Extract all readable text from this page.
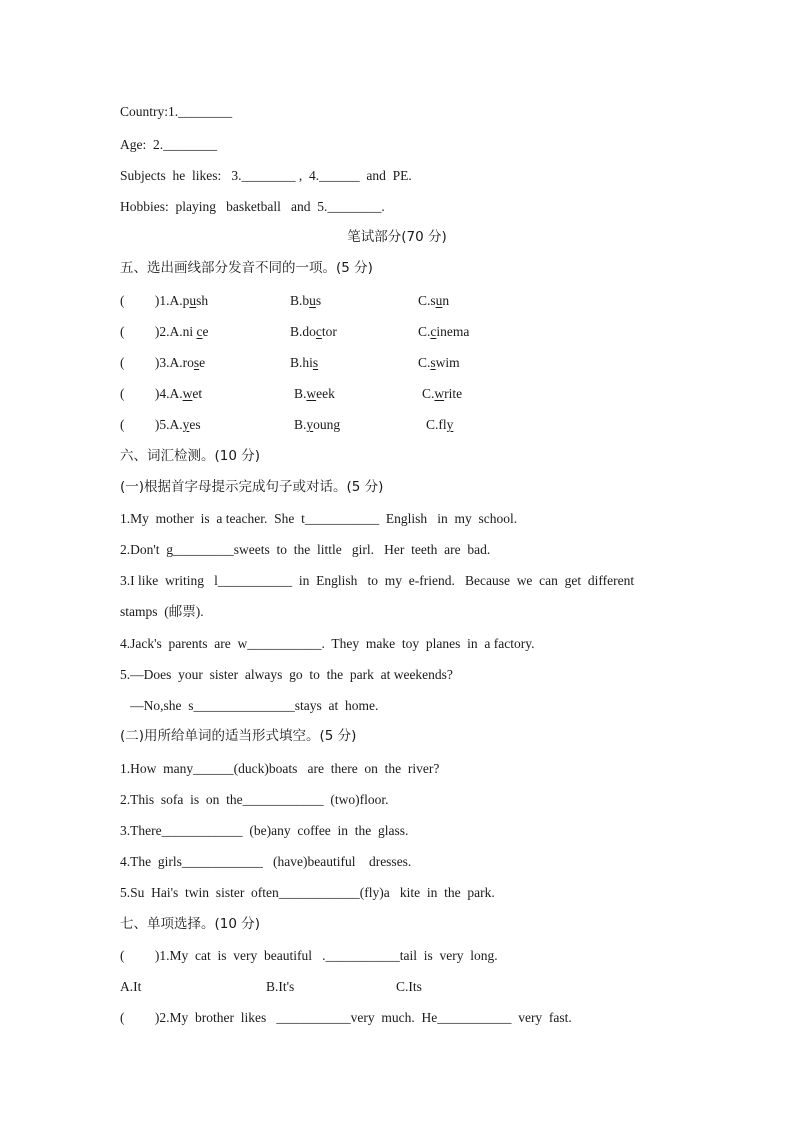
Country:1.________
Age:  2.________
Subjects  he  likes:   3.________ ,  4.______  and  PE.
Hobbies:  playing   basketball   and  5.________.
笔试部分(70 分)
五、选出画线部分发音不同的一项。(5 分)
(         )1.A.push	B.bus	C.sun
(         )2.A.ni ce	B.doctor	C.cinema
(         )3.A.rose	B.his	C.swim
(         )4.A.wet	B.week	C.write
(         )5.A.yes	B.young	C.fly
六、词汇检测。(10 分)
(一)根据首字母提示完成句子或对话。(5 分)
1.My  mother  is  a teacher.  She  t___________  English   in  my  school.
2.Don't  g_________sweets  to  the  little   girl.   Her  teeth  are  bad.
3.I like  writing   l___________  in  English   to  my  e-friend.   Because  we  can  get  different
stamps  (邮票).
4.Jack's  parents  are  w___________.  They  make  toy  planes  in  a factory.
5.—Does  your  sister  always  go  to  the  park  at weekends?
—No,she  s_______________stays  at  home.
(二)用所给单词的适当形式填空。(5 分)
1.How  many______(duck)boats   are  there  on  the  river?
2.This  sofa  is  on  the____________  (two)floor.
3.There____________  (be)any  coffee  in  the  glass.
4.The  girls____________   (have)beautiful    dresses.
5.Su  Hai's  twin  sister  often____________(fly)a   kite  in  the  park.
七、单项选择。(10 分)
(         )1.My  cat  is  very  beautiful   .___________tail  is  very  long.
A.It	B.It's	C.Its
(         )2.My  brother  likes   ___________very  much.  He___________  very  fast.
